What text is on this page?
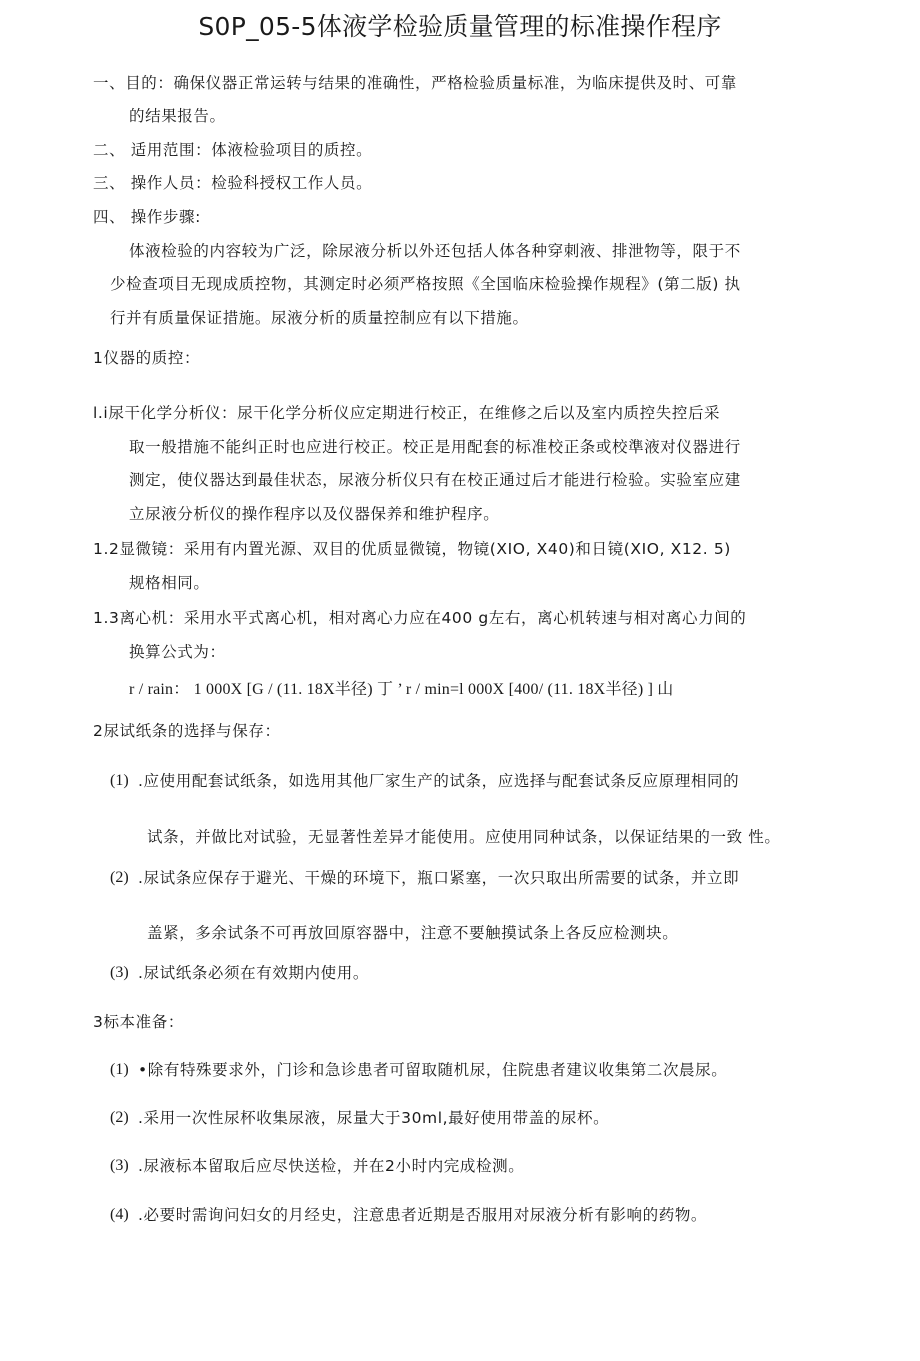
S0P_05-5体液学检验质量管理的标准操作程序
一、目的：确保仪器正常运转与结果的准确性，严格检验质量标准，为临床提供及时、可靠
的结果报告。
二、 适用范围：体液检验项目的质控。
三、 操作人员：检验科授权工作人员。
四、 操作步骤:
体液检验的内容较为广泛，除尿液分析以外还包括人体各种穿刺液、排泄物等，限于不
少检查项目无现成质控物，其测定时必须严格按照《全国临床检验操作规程》(第二版) 执
行并有质量保证措施。尿液分析的质量控制应有以下措施。
1仪器的质控：
l.i尿干化学分析仪：尿干化学分析仪应定期进行校正，在维修之后以及室内质控失控后采
取一般措施不能纠正时也应进行校正。校正是用配套的标准校正条或校準液对仪器进行
测定，使仪器达到最佳状态，尿液分析仪只有在校正通过后才能进行检验。实验室应建
立尿液分析仪的操作程序以及仪器保养和维护程序。
1.2显微镜：采用有内置光源、双目的优质显微镜，物镜(XIO, X40)和日镜(XIO, X12. 5)
规格相同。
1.3离心机：采用水平式离心机，相对离心力应在400 g左右，离心机转速与相对离心力间的
换算公式为：
r / rain： 1 000X [G / (11. 18X半径) 丁 ’ r / min=l 000X [400/ (11. 18X半径) ] 山
2尿试纸条的选择与保存：
(1) .应使用配套试纸条，如选用其他厂家生产的试条，应选择与配套试条反应原理相同的
试条，并做比对试验，无显著性差异才能使用。应使用同种试条，以保证结果的一致 性。
(2) .尿试条应保存于避光、干燥的环境下，瓶口紧塞，一次只取出所需要的试条，并立即
盖紧，多余试条不可再放回原容器中，注意不要触摸试条上各反应检测块。
(3) .尿试纸条必须在有效期内使用。
3标本准备：
(1) •除有特殊要求外，门诊和急诊患者可留取随机尿，住院患者建议收集第二次晨尿。
(2) .采用一次性尿杯收集尿液，尿量大于30ml,最好使用带盖的尿杯。
(3) .尿液标本留取后应尽快送检，并在2小时内完成检测。
(4) .必要时需询问妇女的月经史，注意患者近期是否服用对尿液分析有影响的药物。
